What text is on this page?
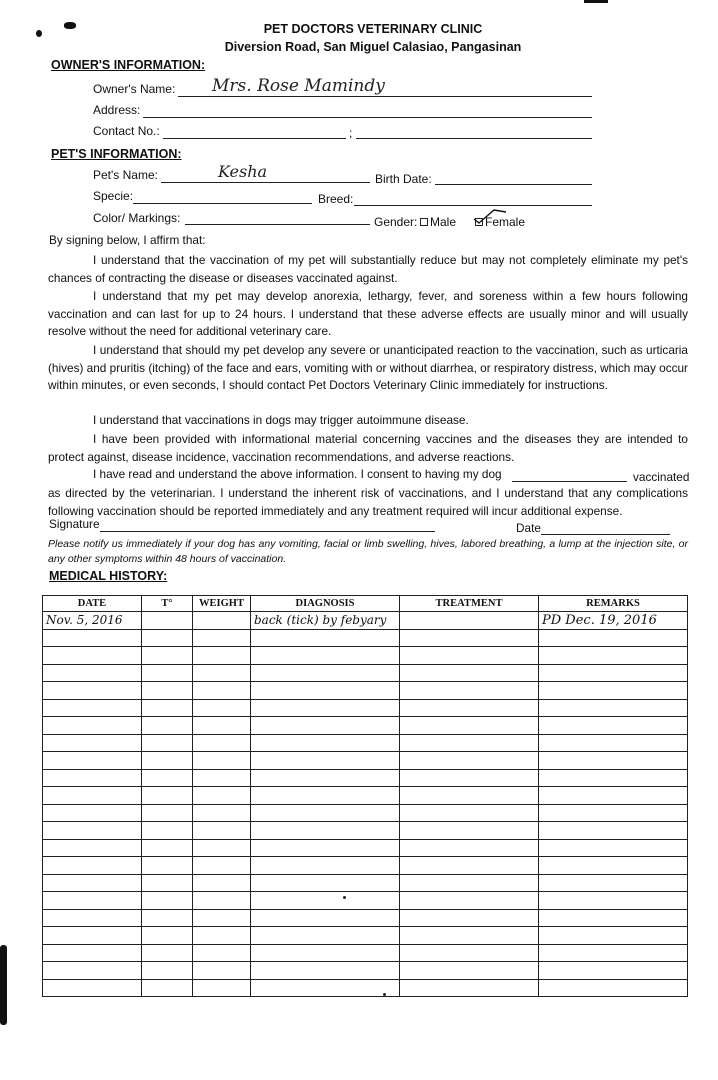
PET DOCTORS VETERINARY CLINIC
Diversion Road, San Miguel Calasiao, Pangasinan
OWNER'S INFORMATION:
Owner's Name: Mrs. Rose Mamindy
Address:
Contact No.:	;
PET'S INFORMATION:
Pet's Name:	Kesha	Birth Date:
Specie:	Breed:
Color/ Markings:	Gender: Male Female
By signing below, I affirm that:

I understand that the vaccination of my pet will substantially reduce but may not completely eliminate my pet's chances of contracting the disease or diseases vaccinated against.

I understand that my pet may develop anorexia, lethargy, fever, and soreness within a few hours following vaccination and can last for up to 24 hours. I understand that these adverse effects are usually minor and will usually resolve without the need for additional veterinary care.

I understand that should my pet develop any severe or unanticipated reaction to the vaccination, such as urticaria (hives) and pruritis (itching) of the face and ears, vomiting with or without diarrhea, or respiratory distress, which may occur within minutes, or even seconds, I should contact Pet Doctors Veterinary Clinic immediately for instructions.

I understand that vaccinations in dogs may trigger autoimmune disease.

I have been provided with informational material concerning vaccines and the diseases they are intended to protect against, disease incidence, vaccination recommendations, and adverse reactions.

I have read and understand the above information. I consent to having my dog	vaccinated

as directed by the veterinarian. I understand the inherent risk of vaccinations, and I understand that any complications following vaccination should be reported immediately and any treatment required will incur additional expense.

Signature	Date

Please notify us immediately if your dog has any vomiting, facial or limb swelling, hives, labored breathing, a lump at the injection site, or any other symptoms within 48 hours of vaccination.

MEDICAL HISTORY:
DATE	T°	WEIGHT	DIAGNOSIS	TREATMENT	REMARKS
Nov. 5, 2016			back (tick) by febyary		PD Dec. 19, 2016
